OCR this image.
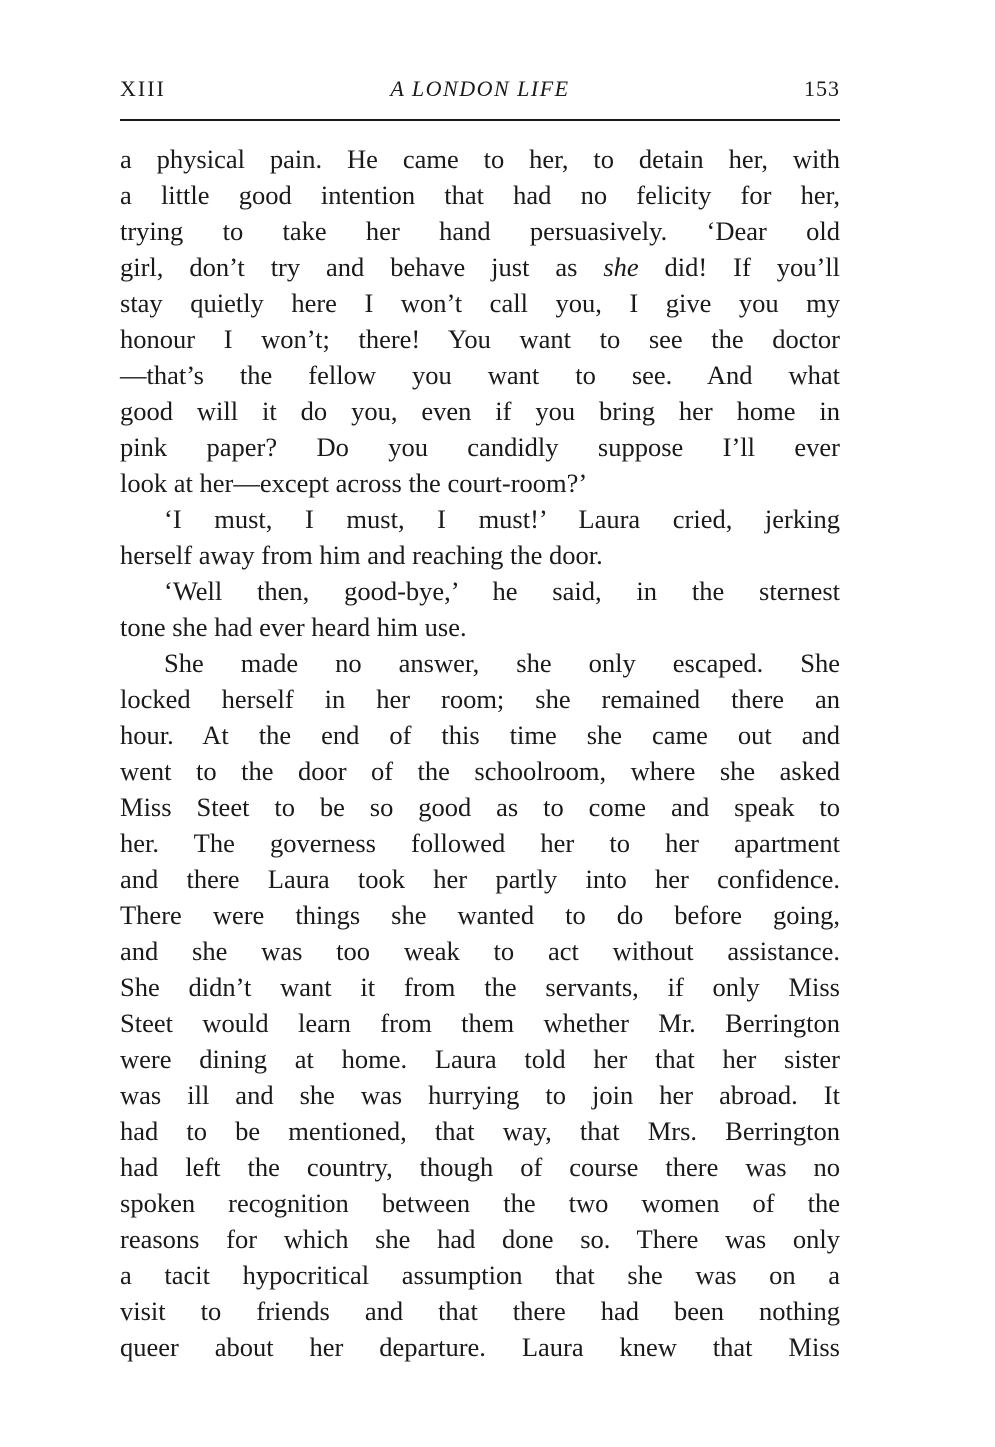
XIII	A LONDON LIFE	153
a physical pain. He came to her, to detain her, with
a little good intention that had no felicity for her,
trying to take her hand persuasively. ‘Dear old
girl, don’t try and behave just as she did! If you’ll
stay quietly here I won’t call you, I give you my
honour I won’t; there! You want to see the doctor
—that’s the fellow you want to see. And what
good will it do you, even if you bring her home in
pink paper? Do you candidly suppose I’ll ever
look at her—except across the court-room?’
‘I must, I must, I must!’ Laura cried, jerking
herself away from him and reaching the door.
‘Well then, good-bye,’ he said, in the sternest
tone she had ever heard him use.
She made no answer, she only escaped. She
locked herself in her room; she remained there an
hour. At the end of this time she came out and
went to the door of the schoolroom, where she asked
Miss Steet to be so good as to come and speak to
her. The governess followed her to her apartment
and there Laura took her partly into her confidence.
There were things she wanted to do before going,
and she was too weak to act without assistance.
She didn’t want it from the servants, if only Miss
Steet would learn from them whether Mr. Berrington
were dining at home. Laura told her that her sister
was ill and she was hurrying to join her abroad. It
had to be mentioned, that way, that Mrs. Berrington
had left the country, though of course there was no
spoken recognition between the two women of the
reasons for which she had done so. There was only
a tacit hypocritical assumption that she was on a
visit to friends and that there had been nothing
queer about her departure. Laura knew that Miss
